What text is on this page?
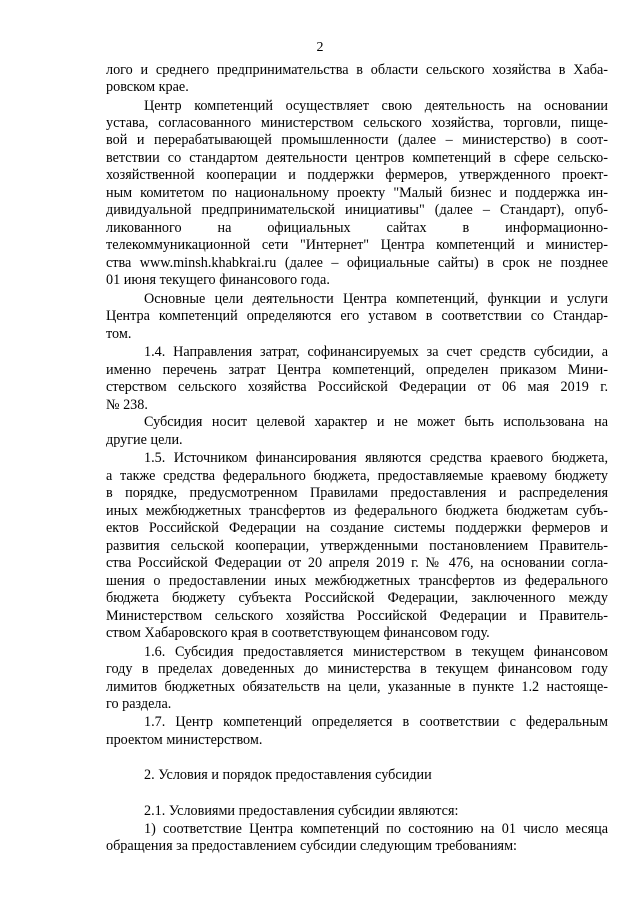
2
лого и среднего предпринимательства в области сельского хозяйства в Хаба-
ровском крае.
Центр компетенций осуществляет свою деятельность на основании
устава, согласованного министерством сельского хозяйства, торговли, пище-
вой и перерабатывающей промышленности (далее – министерство) в соот-
ветствии со стандартом деятельности центров компетенций в сфере сельско-
хозяйственной кооперации и поддержки фермеров, утвержденного проект-
ным комитетом по национальному проекту "Малый бизнес и поддержка ин-
дивидуальной предпринимательской инициативы" (далее – Стандарт), опуб-
ликованного на официальных сайтах в информационно-
телекоммуникационной сети "Интернет" Центра компетенций и министер-
ства www.minsh.khabkrai.ru (далее – официальные сайты) в срок не позднее
01 июня текущего финансового года.
Основные цели деятельности Центра компетенций, функции и услуги
Центра компетенций определяются его уставом в соответствии со Стандар-
том.
1.4. Направления затрат, софинансируемых за счет средств субсидии, а
именно перечень затрат Центра компетенций, определен приказом Мини-
стерством сельского хозяйства Российской Федерации от 06 мая 2019 г.
№ 238.
Субсидия носит целевой характер и не может быть использована на
другие цели.
1.5. Источником финансирования являются средства краевого бюджета,
а также средства федерального бюджета, предоставляемые краевому бюджету
в порядке, предусмотренном Правилами предоставления и распределения
иных межбюджетных трансфертов из федерального бюджета бюджетам субъ-
ектов Российской Федерации на создание системы поддержки фермеров и
развития сельской кооперации, утвержденными постановлением Правитель-
ства Российской Федерации от 20 апреля 2019 г. № 476, на основании согла-
шения о предоставлении иных межбюджетных трансфертов из федерального
бюджета бюджету субъекта Российской Федерации, заключенного между
Министерством сельского хозяйства Российской Федерации и Правитель-
ством Хабаровского края в соответствующем финансовом году.
1.6. Субсидия предоставляется министерством в текущем финансовом
году в пределах доведенных до министерства в текущем финансовом году
лимитов бюджетных обязательств на цели, указанные в пункте 1.2 настояще-
го раздела.
1.7. Центр компетенций определяется в соответствии с федеральным
проектом министерством.
2. Условия и порядок предоставления субсидии
2.1. Условиями предоставления субсидии являются:
1) соответствие Центра компетенций по состоянию на 01 число месяца
обращения за предоставлением субсидии следующим требованиям:
